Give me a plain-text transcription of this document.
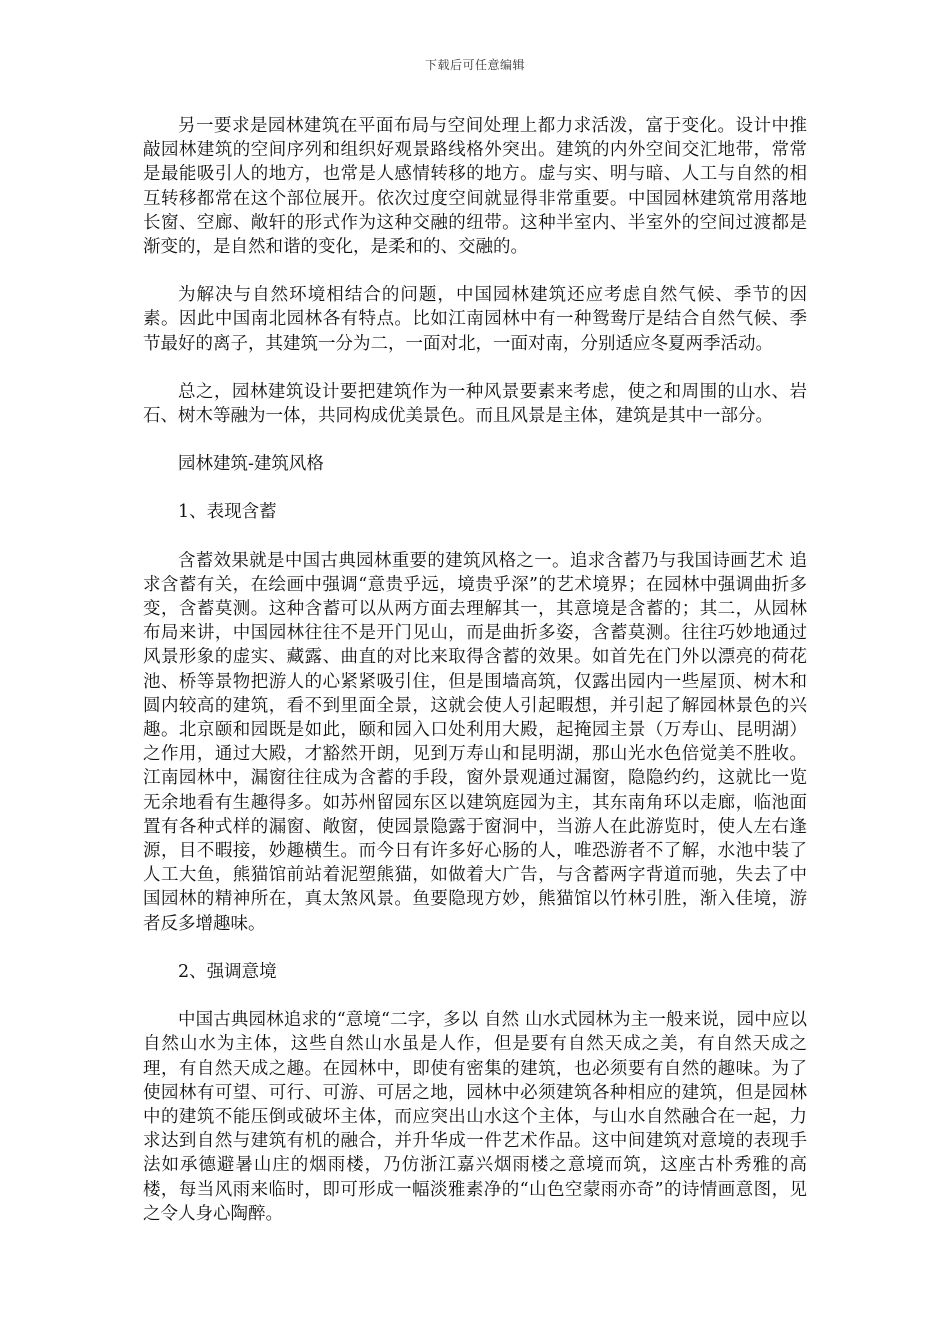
下载后可任意编辑

另一要求是园林建筑在平面布局与空间处理上都力求活泼，富于变化。设计中推敲园林建筑的空间序列和组织好观景路线格外突出。建筑的内外空间交汇地带，常常是最能吸引人的地方，也常是人感情转移的地方。虚与实、明与暗、人工与自然的相互转移都常在这个部位展开。依次过度空间就显得非常重要。中国园林建筑常用落地长窗、空廊、敞轩的形式作为这种交融的纽带。这种半室内、半室外的空间过渡都是渐变的，是自然和谐的变化，是柔和的、交融的。

为解决与自然环境相结合的问题，中国园林建筑还应考虑自然气候、季节的因素。因此中国南北园林各有特点。比如江南园林中有一种鸳鸯厅是结合自然气候、季节最好的离子，其建筑一分为二，一面对北，一面对南，分别适应冬夏两季活动。

总之，园林建筑设计要把建筑作为一种风景要素来考虑，使之和周围的山水、岩石、树木等融为一体，共同构成优美景色。而且风景是主体，建筑是其中一部分。

园林建筑-建筑风格

1、表现含蓄

含蓄效果就是中国古典园林重要的建筑风格之一。追求含蓄乃与我国诗画艺术 追求含蓄有关，在绘画中强调“意贵乎远，境贵乎深”的艺术境界；在园林中强调曲折多变，含蓄莫测。这种含蓄可以从两方面去理解其一，其意境是含蓄的；其二，从园林布局来讲，中国园林往往不是开门见山，而是曲折多姿，含蓄莫测。往往巧妙地通过风景形象的虚实、藏露、曲直的对比来取得含蓄的效果。如首先在门外以漂亮的荷花池、桥等景物把游人的心紧紧吸引住，但是围墙高筑，仅露出园内一些屋顶、树木和圆内较高的建筑，看不到里面全景，这就会使人引起暇想，并引起了解园林景色的兴趣。北京颐和园既是如此，颐和园入口处利用大殿，起掩园主景（万寿山、昆明湖）之作用，通过大殿，才豁然开朗，见到万寿山和昆明湖，那山光水色倍觉美不胜收。江南园林中，漏窗往往成为含蓄的手段，窗外景观通过漏窗，隐隐约约，这就比一览无余地看有生趣得多。如苏州留园东区以建筑庭园为主，其东南角环以走廊，临池面置有各种式样的漏窗、敞窗，使园景隐露于窗洞中，当游人在此游览时，使人左右逢源，目不暇接，妙趣横生。而今日有许多好心肠的人，唯恐游者不了解，水池中装了人工大鱼，熊猫馆前站着泥塑熊猫，如做着大广告，与含蓄两字背道而驰，失去了中国园林的精神所在，真太煞风景。鱼要隐现方妙，熊猫馆以竹林引胜，渐入佳境，游者反多增趣味。

2、强调意境

中国古典园林追求的“意境“二字，多以 自然 山水式园林为主一般来说，园中应以自然山水为主体，这些自然山水虽是人作，但是要有自然天成之美，有自然天成之理，有自然天成之趣。在园林中，即使有密集的建筑，也必须要有自然的趣味。为了使园林有可望、可行、可游、可居之地，园林中必须建筑各种相应的建筑，但是园林中的建筑不能压倒或破坏主体，而应突出山水这个主体，与山水自然融合在一起，力求达到自然与建筑有机的融合，并升华成一件艺术作品。这中间建筑对意境的表现手法如承德避暑山庄的烟雨楼，乃仿浙江嘉兴烟雨楼之意境而筑，这座古朴秀雅的高楼，每当风雨来临时，即可形成一幅淡雅素净的“山色空蒙雨亦奇”的诗情画意图，见之令人身心陶醉。
